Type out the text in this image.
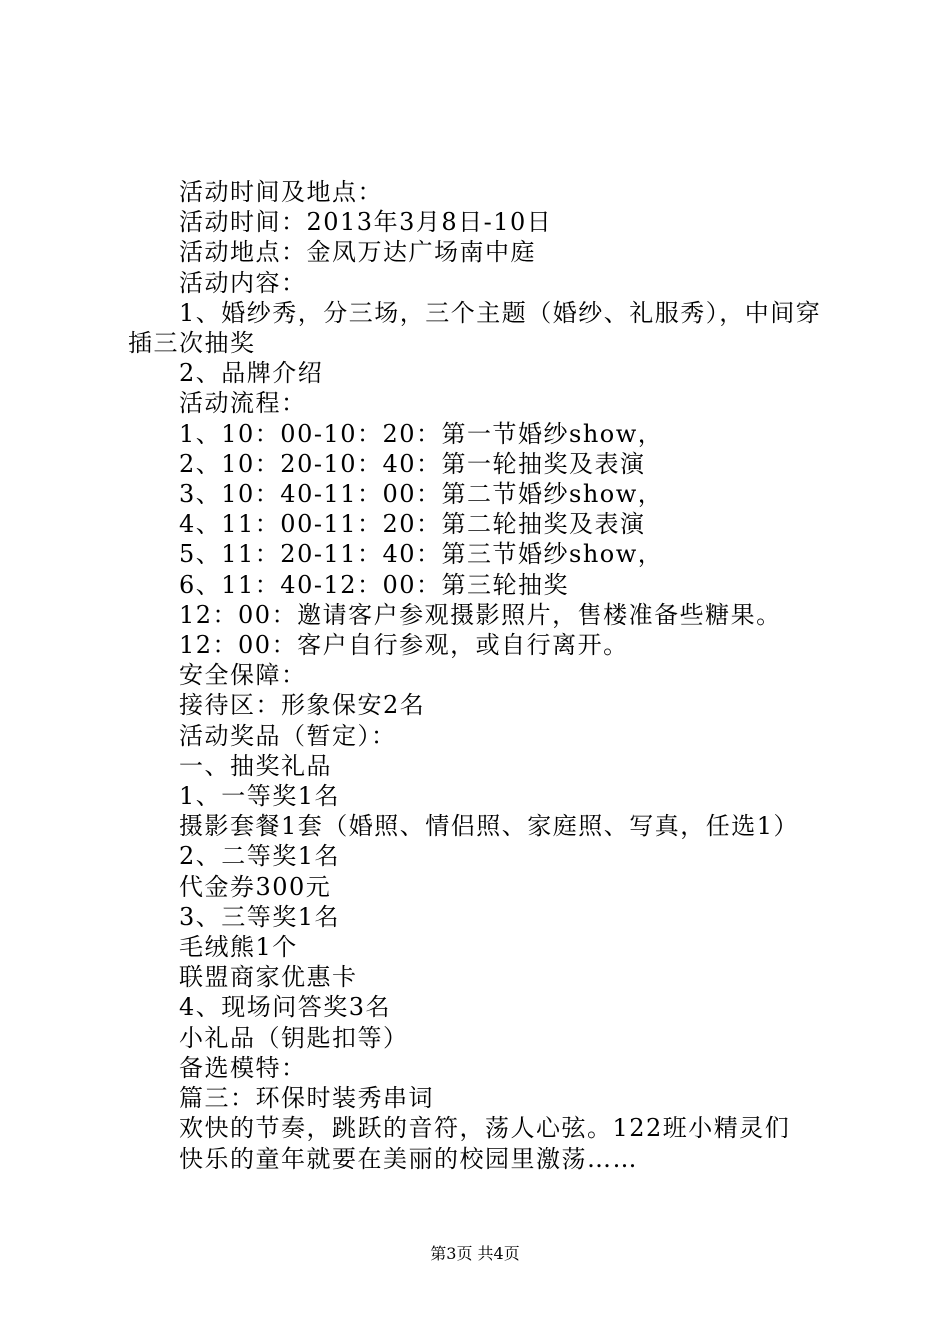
活动时间及地点：
活动时间：2013年3月8日-10日
活动地点：金凤万达广场南中庭
活动内容：
1、婚纱秀，分三场，三个主题（婚纱、礼服秀），中间穿
插三次抽奖
2、品牌介绍
活动流程：
1、10：00-10：20：第一节婚纱show，
2、10：20-10：40：第一轮抽奖及表演
3、10：40-11：00：第二节婚纱show，
4、11：00-11：20：第二轮抽奖及表演
5、11：20-11：40：第三节婚纱show，
6、11：40-12：00：第三轮抽奖
12：00：邀请客户参观摄影照片，售楼准备些糖果。
12：00：客户自行参观，或自行离开。
安全保障：
接待区：形象保安2名
活动奖品（暂定）：
一、抽奖礼品
1、一等奖1名
摄影套餐1套（婚照、情侣照、家庭照、写真，任选1）
2、二等奖1名
代金券300元
3、三等奖1名
毛绒熊1个
联盟商家优惠卡
4、现场问答奖3名
小礼品（钥匙扣等）
备选模特：
篇三：环保时装秀串词
欢快的节奏，跳跃的音符，荡人心弦。122班小精灵们
快乐的童年就要在美丽的校园里激荡……
第3页 共4页
